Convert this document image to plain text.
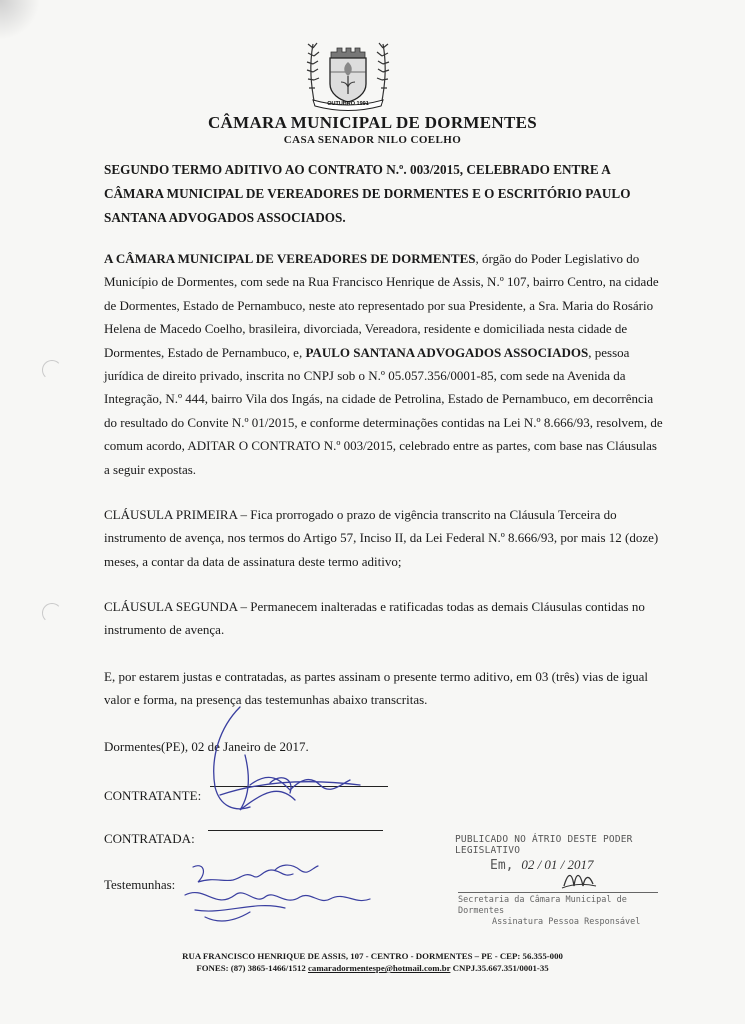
OUTUBRO 1991
CÂMARA MUNICIPAL DE DORMENTES
CASA SENADOR NILO COELHO
SEGUNDO TERMO ADITIVO AO CONTRATO N.º. 003/2015, CELEBRADO ENTRE A CÂMARA MUNICIPAL DE VEREADORES DE DORMENTES E O ESCRITÓRIO PAULO SANTANA ADVOGADOS ASSOCIADOS.
A CÂMARA MUNICIPAL DE VEREADORES DE DORMENTES, órgão do Poder Legislativo do Município de Dormentes, com sede na Rua Francisco Henrique de Assis, N.º 107, bairro Centro, na cidade de Dormentes, Estado de Pernambuco, neste ato representado por sua Presidente, a Sra. Maria do Rosário Helena de Macedo Coelho, brasileira, divorciada, Vereadora, residente e domiciliada nesta cidade de Dormentes, Estado de Pernambuco, e, PAULO SANTANA ADVOGADOS ASSOCIADOS, pessoa jurídica de direito privado, inscrita no CNPJ sob o N.º 05.057.356/0001-85, com sede na Avenida da Integração, N.º 444, bairro Vila dos Ingás, na cidade de Petrolina, Estado de Pernambuco, em decorrência do resultado do Convite N.º 01/2015, e conforme determinações contidas na Lei N.º 8.666/93, resolvem, de comum acordo, ADITAR O CONTRATO N.º 003/2015, celebrado entre as partes, com base nas Cláusulas a seguir expostas.
CLÁUSULA PRIMEIRA – Fica prorrogado o prazo de vigência transcrito na Cláusula Terceira do instrumento de avença, nos termos do Artigo 57, Inciso II, da Lei Federal N.º 8.666/93, por mais 12 (doze) meses, a contar da data de assinatura deste termo aditivo;
CLÁUSULA SEGUNDA – Permanecem inalteradas e ratificadas todas as demais Cláusulas contidas no instrumento de avença.
E, por estarem justas e contratadas, as partes assinam o presente termo aditivo, em 03 (três) vias de igual valor e forma, na presença das testemunhas abaixo transcritas.
Dormentes(PE), 02 de Janeiro de 2017.
CONTRATANTE:
CONTRATADA:
Testemunhas:
PUBLICADO NO ÁTRIO DESTE PODER LEGISLATIVO
Em, 02 / 01 / 2017
Secretaria da Câmara Municipal de Dormentes
Assinatura Pessoa Responsável
RUA FRANCISCO HENRIQUE DE ASSIS, 107 - CENTRO - DORMENTES – PE - CEP: 56.355-000
FONES: (87) 3865-1466/1512 camaradormentespe@hotmail.com.br CNPJ.35.667.351/0001-35
